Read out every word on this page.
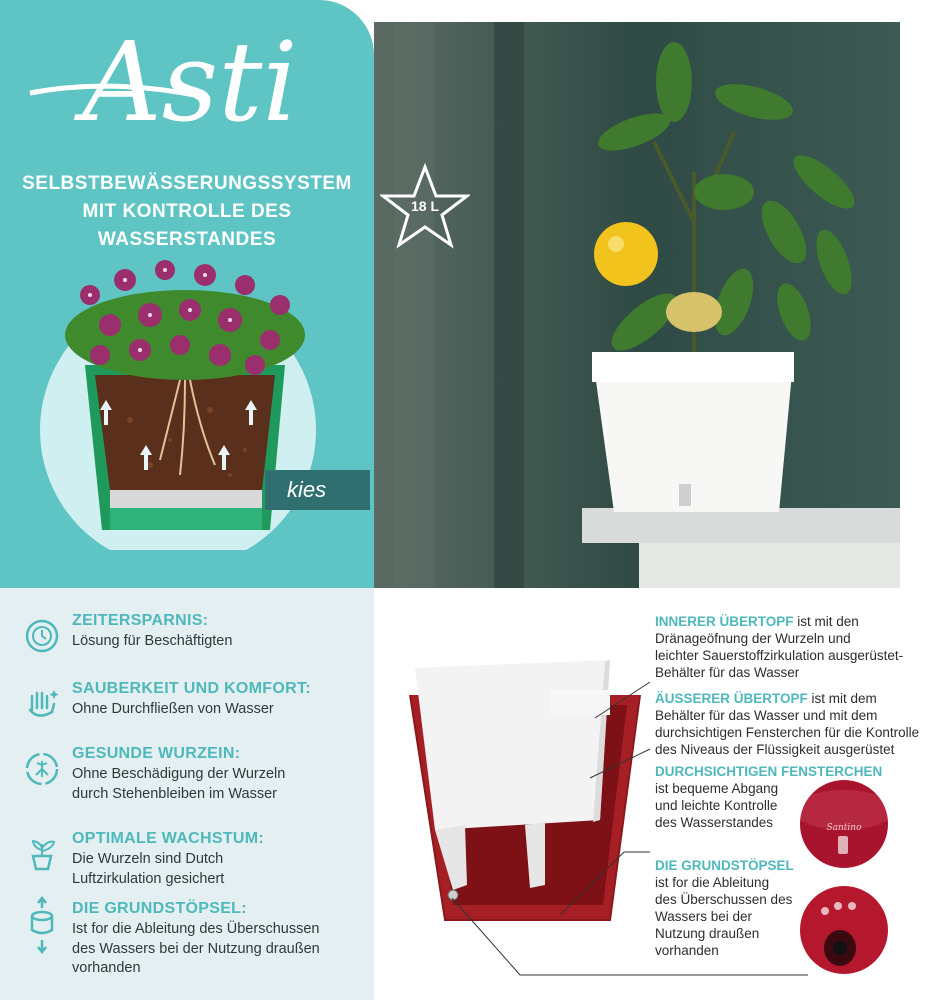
Asti
SELBSTBEWÄSSERUNGSSYSTEM
MIT KONTROLLE DES
WASSERSTANDES
kies
18 L
ZEITERSPARNIS:
Lösung für Beschäftigten
SAUBERKEIT UND KOMFORT:
Ohne Durchfließen von Wasser
GESUNDE WURZEIN:
Ohne Beschädigung der Wurzeln
durch Stehenbleiben im Wasser
OPTIMALE WACHSTUM:
Die Wurzeln sind Dutch
Luftzirkulation gesichert
DIE GRUNDSTÖPSEL:
Ist for die Ableitung des Überschussen
des Wassers bei der Nutzung draußen
vorhanden
INNERER ÜBERTOPF ist mit den
Dränageöfnung der Wurzeln und
leichter Sauerstoffzirkulation ausgerüstet-
Behälter für das Wasser
ÄUSSERER ÜBERTOPF ist mit dem
Behälter für das Wasser und mit dem
durchsichtigen Fensterchen für die Kontrolle
des Niveaus der Flüssigkeit ausgerüstet
DURCHSICHTIGEN FENSTERCHEN
ist bequeme Abgang
und leichte Kontrolle
des Wasserstandes
DIE GRUNDSTÖPSEL
ist for die Ableitung
des Überschussen des
Wassers bei der
Nutzung draußen
vorhanden
Santino
